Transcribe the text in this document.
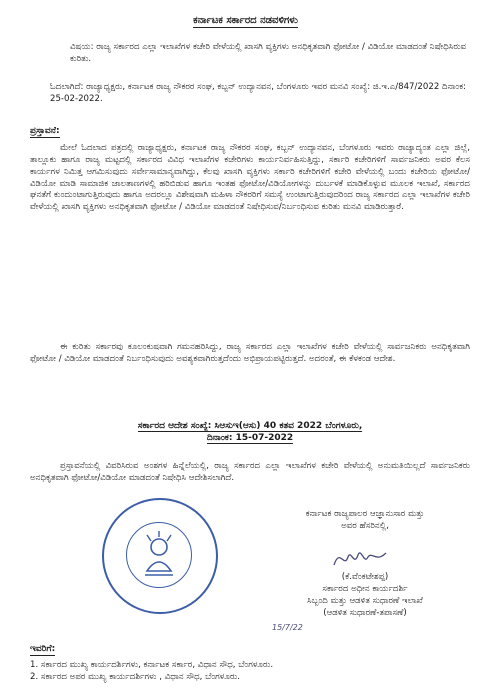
ಕರ್ನಾಟಕ ಸರ್ಕಾರದ ನಡವಳಿಗಳು
ವಿಷಯ: ರಾಜ್ಯ ಸರ್ಕಾರದ ಎಲ್ಲಾ ಇಲಾಖೆಗಳ ಕಚೇರಿ ವೇಳೆಯಲ್ಲಿ ಖಾಸಗಿ ವ್ಯಕ್ತಿಗಳು ಅನಧಿಕೃತವಾಗಿ ಫೋಟೋ / ವಿಡಿಯೋ ಮಾಡದಂತೆ ನಿಷೇಧಿಸಿರುವ ಕುರಿತು.
ಓದಲಾಗಿದೆ: ರಾಜ್ಯಾಧ್ಯಕ್ಷರು, ಕರ್ನಾಟಕ ರಾಜ್ಯ ನೌಕರರ ಸಂಘ, ಕಬ್ಬನ್ ಉದ್ಯಾನವನ, ಬೆಂಗಳೂರು ಇವರ ಮನವಿ ಸಂಖ್ಯೆ: ಜಿ.ಇ.ಎ/847/2022 ದಿನಾಂಕ: 25-02-2022.
ಪ್ರಸ್ತಾವನೆ:
ಮೇಲೆ ಓದಲಾದ ಪತ್ರದಲ್ಲಿ ರಾಜ್ಯಾಧ್ಯಕ್ಷರು, ಕರ್ನಾಟಕ ರಾಜ್ಯ ನೌಕರರ ಸಂಘ, ಕಬ್ಬನ್ ಉದ್ಯಾನವನ, ಬೆಂಗಳೂರು ಇವರು ರಾಜ್ಯಾದ್ಯಂತ ಎಲ್ಲಾ ಜಿಲ್ಲೆ, ತಾಲ್ಲೂಕು ಹಾಗೂ ರಾಜ್ಯ ಮಟ್ಟದಲ್ಲಿ ಸರ್ಕಾರದ ವಿವಿಧ ಇಲಾಖೆಗಳ ಕಚೇರಿಗಳು ಕಾರ್ಯನಿರ್ವಹಿಸುತ್ತಿದ್ದು, ಸರ್ಕಾರಿ ಕಚೇರಿಗಳಿಗೆ ಸಾರ್ವಜನಿಕರು ಅವರ ಕೆಲಸ ಕಾರ್ಯಗಳ ನಿಮಿತ್ತ ಆಗಮಿಸುವುದು ಸರ್ವೇಸಾಮಾನ್ಯವಾಗಿದ್ದು, ಕೆಲವು ಖಾಸಗಿ ವ್ಯಕ್ತಿಗಳು ಸರ್ಕಾರಿ ಕಚೇರಿಗಳಿಗೆ ಕಚೇರಿ ವೇಳೆಯಲ್ಲಿ ಬಂದು ಕಚೇರಿಯ ಫೋಟೋ/ವಿಡಿಯೋ ಮಾಡಿ ಸಾಮಾಜಿಕ ಜಾಲತಾಣಗಳಲ್ಲಿ ಹರಿಬಿಡುವ ಹಾಗೂ ಇಂತಹ ಫೋಟೋ/ವಿಡಿಯೋಗಳನ್ನು ದುರ್ಬಳಕೆ ಮಾಡಿಕೊಳ್ಳುವ ಮೂಲಕ ಇಲಾಖೆ, ಸರ್ಕಾರದ ಘನತೆಗೆ ಕುಂದುಂಟಾಗುತ್ತಿರುವುದು ಹಾಗೂ ಅದರಲ್ಲೂ ವಿಶೇಷವಾಗಿ ಮಹಿಳಾ ನೌಕರರಿಗೆ ಸಮಸ್ಯೆ ಉಂಟಾಗುತ್ತಿರುವುದರಿಂದ ರಾಜ್ಯ ಸರ್ಕಾರದ ಎಲ್ಲಾ ಇಲಾಖೆಗಳ ಕಚೇರಿ ವೇಳೆಯಲ್ಲಿ ಖಾಸಗಿ ವ್ಯಕ್ತಿಗಳು ಅನಧಿಕೃತವಾಗಿ ಫೋಟೋ / ವಿಡಿಯೋ ಮಾಡದಂತೆ ನಿಷೇಧಿಸುವ/ನಿರ್ಬಂಧಿಸುವ ಕುರಿತು ಮನವಿ ಮಾಡಿರುತ್ತಾರೆ.
ಈ ಕುರಿತು ಸರ್ಕಾರವು ಕೂಲಂಕುಷವಾಗಿ ಗಮನಹರಿಸಿದ್ದು, ರಾಜ್ಯ ಸರ್ಕಾರದ ಎಲ್ಲಾ ಇಲಾಖೆಗಳ ಕಚೇರಿ ವೇಳೆಯಲ್ಲಿ ಸಾರ್ವಜನಿಕರು ಅನಧಿಕೃತವಾಗಿ ಫೋಟೋ / ವಿಡಿಯೋ ಮಾಡದಂತೆ ನಿರ್ಬಂಧಿಸುವುದು ಅವಶ್ಯಕವಾಗಿರುತ್ತದೆಂದು ಅಭಿಪ್ರಾಯಪಟ್ಟಿರುತ್ತದೆ. ಅದರಂತೆ, ಈ ಕೆಳಕಂಡ ಆದೇಶ.
ಸರ್ಕಾರದ ಆದೇಶ ಸಂಖ್ಯೆ: ಸಿಆಸುಇ(ಆಸು) 40 ಕತವ 2022 ಬೆಂಗಳೂರು,
ದಿನಾಂಕ: 15-07-2022
ಪ್ರಸ್ತಾವನೆಯಲ್ಲಿ ವಿವರಿಸಿರುವ ಅಂಶಗಳ ಹಿನ್ನೆಲೆಯಲ್ಲಿ, ರಾಜ್ಯ ಸರ್ಕಾರದ ಎಲ್ಲಾ ಇಲಾಖೆಗಳ ಕಚೇರಿ ವೇಳೆಯಲ್ಲಿ ಅನುಮತಿಯಿಲ್ಲದೆ ಸಾರ್ವಜನಿಕರು ಅನಧಿಕೃತವಾಗಿ ಫೋಟೋ/ವಿಡಿಯೋ ಮಾಡದಂತೆ ನಿಷೇಧಿಸಿ ಆದೇಶಿಸಲಾಗಿದೆ.
ಕರ್ನಾಟಕ ರಾಜ್ಯಪಾಲರ ಆಜ್ಞಾನುಸಾರ ಮತ್ತು
ಅವರ ಹೆಸರಿನಲ್ಲಿ,
(ಕೆ.ವೆಂಕಟೇಶಪ್ಪ)
ಸರ್ಕಾರದ ಅಧೀನ ಕಾರ್ಯದರ್ಶಿ
ಸಿಬ್ಬಂದಿ ಮತ್ತು ಆಡಳಿತ ಸುಧಾರಣೆ ಇಲಾಖೆ
(ಆಡಳಿತ ಸುಧಾರಣೆ-ತಪಾಸಣೆ)
15/7/22
ಇವರಿಗೆ:
1. ಸರ್ಕಾರದ ಮುಖ್ಯ ಕಾರ್ಯದರ್ಶಿಗಳು, ಕರ್ನಾಟಕ ಸರ್ಕಾರ, ವಿಧಾನ ಸೌಧ, ಬೆಂಗಳೂರು.
2. ಸರ್ಕಾರದ ಅಪರ ಮುಖ್ಯ ಕಾರ್ಯದರ್ಶಿಗಳು , ವಿಧಾನ ಸೌಧ, ಬೆಂಗಳೂರು.
